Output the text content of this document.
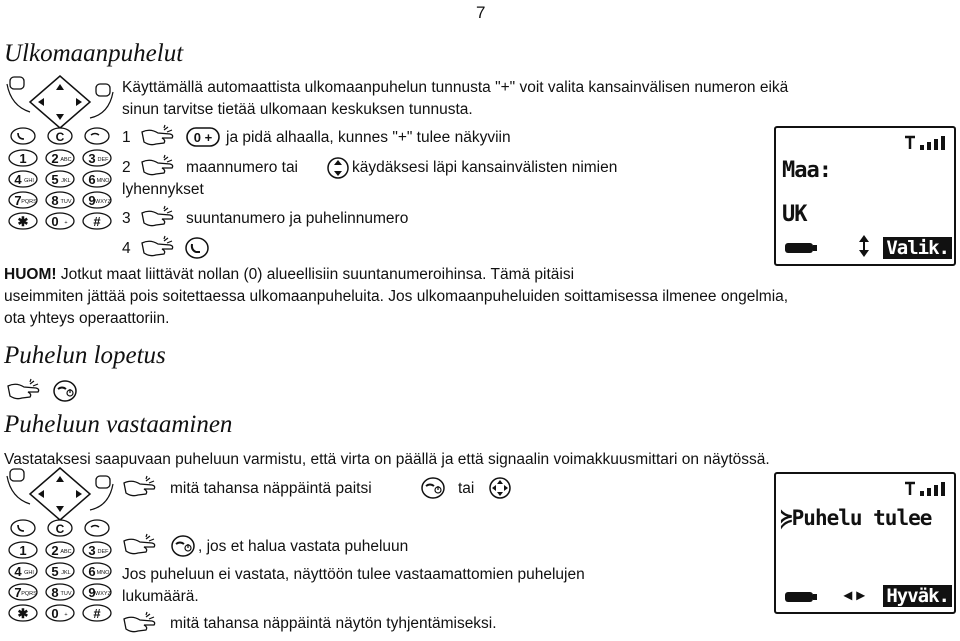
7
Ulkomaanpuhelut
C
1 2 ABC 3 DEF
4 GHI 5 JKL 6 MNO
7 PQRS 8 TUV 9 WXYZ
✱ 0 + #
Käyttämällä automaattista ulkomaanpuhelun tunnusta "+" voit valita kansainvälisen numeron eikä
sinun tarvitse tietää ulkomaan keskuksen tunnusta.
1	0 + ja pidä alhaalla, kunnes "+" tulee näkyviin
2	maannumero tai	käydäksesi läpi kansainvälisten nimien
lyhennykset
3	suuntanumero ja puhelinnumero
4
Maa:
UK
Valik.
HUOM! Jotkut maat liittävät nollan (0) alueellisiin suuntanumeroihinsa. Tämä pitäisi
useimmiten jättää pois soitettaessa ulkomaanpuheluita. Jos ulkomaanpuheluiden soittamisessa ilmenee ongelmia,
ota yhteys operaattoriin.
Puhelun lopetus
Puheluun vastaaminen
Vastataksesi saapuvaan puheluun varmistu, että virta on päällä ja että signaalin voimakkuusmittari on näytössä.
C
1 2 ABC 3 DEF
4 GHI 5 JKL 6 MNO
7 PQRS 8 TUV 9 WXYZ
✱ 0 + #
mitä tahansa näppäintä paitsi	tai
, jos et halua vastata puheluun
Jos puheluun ei vastata, näyttöön tulee vastaamattomien puhelujen
lukumäärä.
mitä tahansa näppäintä näytön tyhjentämiseksi.
≽Puhelu tulee
◂ ▸ Hyväk.
